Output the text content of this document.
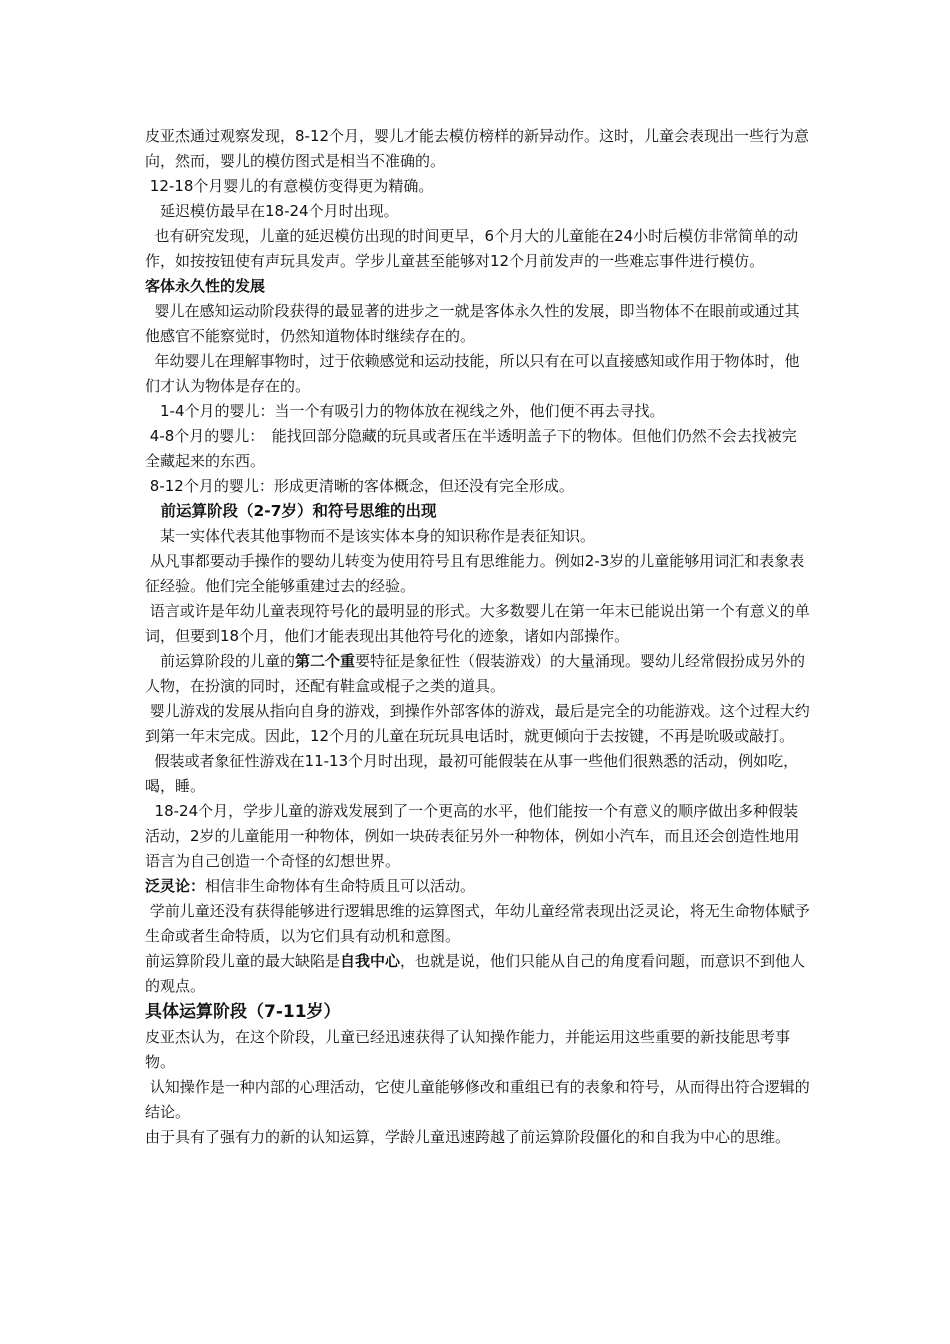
皮亚杰通过观察发现，8-12个月，婴儿才能去模仿榜样的新异动作。这时，儿童会表现出一些行为意向，然而，婴儿的模仿图式是相当不准确的。

12-18个月婴儿的有意模仿变得更为精确。

　延迟模仿最早在18-24个月时出现。

也有研究发现，儿童的延迟模仿出现的时间更早，6个月大的儿童能在24小时后模仿非常简单的动作，如按按钮使有声玩具发声。学步儿童甚至能够对12个月前发声的一些难忘事件进行模仿。

客体永久性的发展

婴儿在感知运动阶段获得的最显著的进步之一就是客体永久性的发展，即当物体不在眼前或通过其他感官不能察觉时，仍然知道物体时继续存在的。

年幼婴儿在理解事物时，过于依赖感觉和运动技能，所以只有在可以直接感知或作用于物体时，他们才认为物体是存在的。

　1-4个月的婴儿：当一个有吸引力的物体放在视线之外，他们便不再去寻找。

4-8个月的婴儿：　能找回部分隐藏的玩具或者压在半透明盖子下的物体。但他们仍然不会去找被完全藏起来的东西。

8-12个月的婴儿：形成更清晰的客体概念，但还没有完全形成。

　前运算阶段（2-7岁）和符号思维的出现

　某一实体代表其他事物而不是该实体本身的知识称作是表征知识。

从凡事都要动手操作的婴幼儿转变为使用符号且有思维能力。例如2-3岁的儿童能够用词汇和表象表征经验。他们完全能够重建过去的经验。

语言或许是年幼儿童表现符号化的最明显的形式。大多数婴儿在第一年末已能说出第一个有意义的单词，但要到18个月，他们才能表现出其他符号化的迹象，诸如内部操作。

　前运算阶段的儿童的第二个重要特征是象征性（假装游戏）的大量涌现。婴幼儿经常假扮成另外的人物，在扮演的同时，还配有鞋盒或棍子之类的道具。

婴儿游戏的发展从指向自身的游戏，到操作外部客体的游戏，最后是完全的功能游戏。这个过程大约到第一年末完成。因此，12个月的儿童在玩玩具电话时，就更倾向于去按键，不再是吮吸或敲打。

假装或者象征性游戏在11-13个月时出现，最初可能假装在从事一些他们很熟悉的活动，例如吃，喝，睡。

18-24个月，学步儿童的游戏发展到了一个更高的水平，他们能按一个有意义的顺序做出多种假装活动，2岁的儿童能用一种物体，例如一块砖表征另外一种物体，例如小汽车，而且还会创造性地用语言为自己创造一个奇怪的幻想世界。

泛灵论：相信非生命物体有生命特质且可以活动。

学前儿童还没有获得能够进行逻辑思维的运算图式，年幼儿童经常表现出泛灵论，将无生命物体赋予生命或者生命特质，以为它们具有动机和意图。

前运算阶段儿童的最大缺陷是自我中心，也就是说，他们只能从自己的角度看问题，而意识不到他人的观点。

具体运算阶段（7-11岁）

皮亚杰认为，在这个阶段，儿童已经迅速获得了认知操作能力，并能运用这些重要的新技能思考事物。

认知操作是一种内部的心理活动，它使儿童能够修改和重组已有的表象和符号，从而得出符合逻辑的结论。

由于具有了强有力的新的认知运算，学龄儿童迅速跨越了前运算阶段僵化的和自我为中心的思维。
